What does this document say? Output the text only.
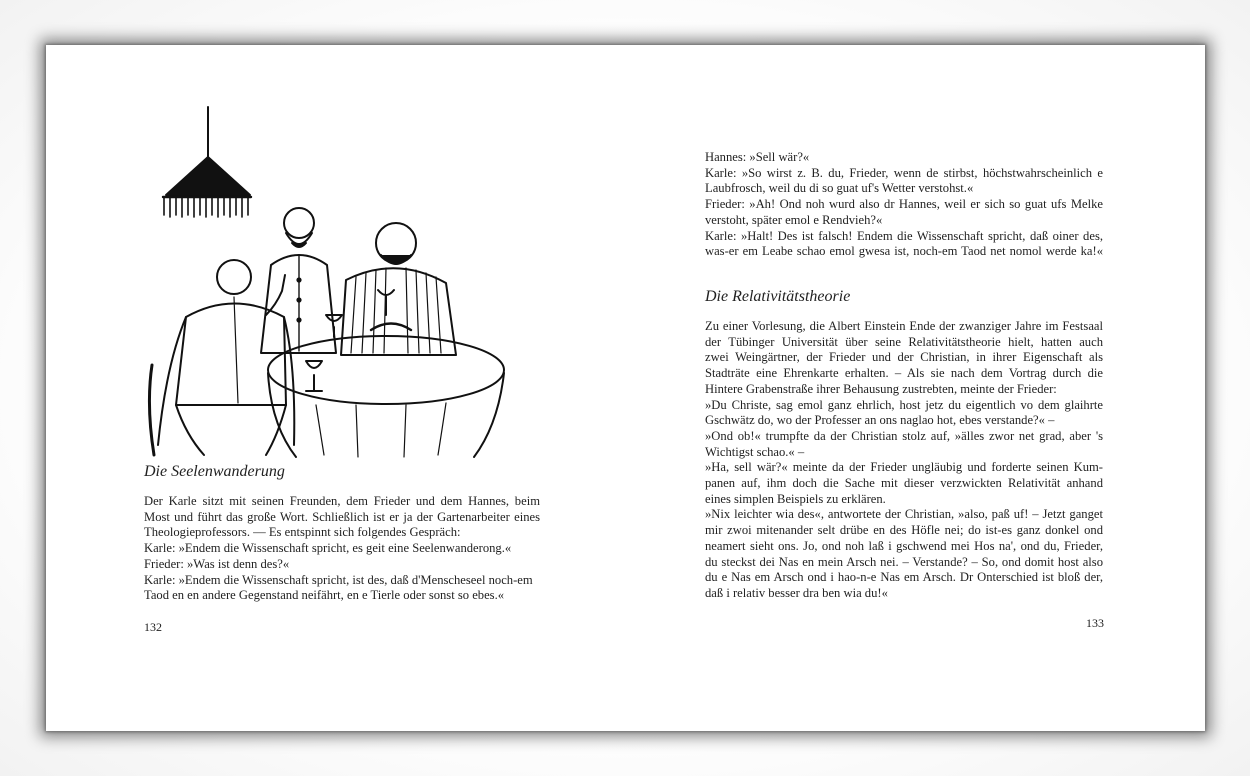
Die Seelenwanderung
Der Karle sitzt mit seinen Freunden, dem Frieder und dem Hannes, beim
Most und führt das große Wort. Schließlich ist er ja der Gartenarbeiter eines
Theologieprofessors. — Es entspinnt sich folgendes Gespräch:
Karle: »Endem die Wissenschaft spricht, es geit eine Seelenwanderong.«
Frieder: »Was ist denn des?«
Karle: »Endem die Wissenschaft spricht, ist des, daß d'Menscheseel noch-em
Taod en en andere Gegenstand neifährt, en e Tierle oder sonst so ebes.«
132
Hannes: »Sell wär?«
Karle: »So wirst z. B. du, Frieder, wenn de stirbst, höchstwahrscheinlich e
Laubfrosch, weil du di so guat uf's Wetter verstohst.«
Frieder: »Ah! Ond noh wurd also dr Hannes, weil er sich so guat ufs Melke
verstoht, später emol e Rendvieh?«
Karle: »Halt! Des ist falsch! Endem die Wissenschaft spricht, daß oiner des,
was-er em Leabe schao emol gwesa ist, noch-em Taod net nomol werde ka!«
Die Relativitätstheorie
Zu einer Vorlesung, die Albert Einstein Ende der zwanziger Jahre im Festsaal
der Tübinger Universität über seine Relativitätstheorie hielt, hatten auch
zwei Weingärtner, der Frieder und der Christian, in ihrer Eigenschaft als
Stadträte eine Ehrenkarte erhalten. – Als sie nach dem Vortrag durch die
Hintere Grabenstraße ihrer Behausung zustrebten, meinte der Frieder:
»Du Christe, sag emol ganz ehrlich, host jetz du eigentlich vo dem glaihrte
Gschwätz do, wo der Professer an ons naglao hot, ebes verstande?« –
»Ond ob!« trumpfte da der Christian stolz auf, »älles zwor net grad, aber 's
Wichtigst schao.« –
»Ha, sell wär?« meinte da der Frieder ungläubig und forderte seinen Kum-
panen auf, ihm doch die Sache mit dieser verzwickten Relativität anhand
eines simplen Beispiels zu erklären.
»Nix leichter wia des«, antwortete der Christian, »also, paß uf! – Jetzt ganget
mir zwoi mitenander selt drübe en des Höfle nei; do ist-es ganz donkel ond
neamert sieht ons. Jo, ond noh laß i gschwend mei Hos na', ond du, Frieder,
du steckst dei Nas en mein Arsch nei. – Verstande? – So, ond domit host also
du e Nas em Arsch ond i hao-n-e Nas em Arsch. Dr Onterschied ist bloß der,
daß i relativ besser dra ben wia du!«
133
